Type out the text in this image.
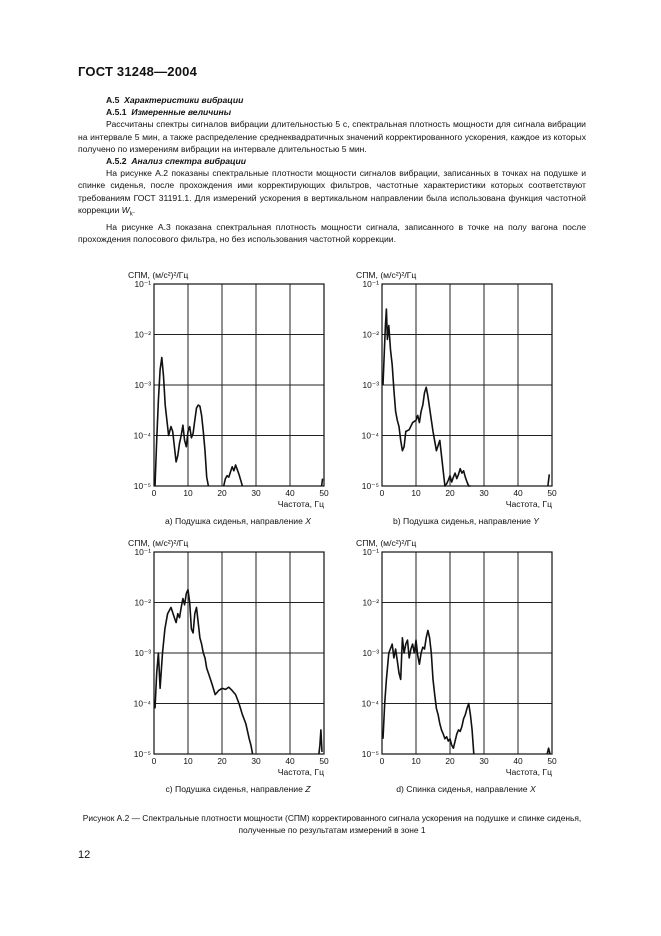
ГОСТ 31248—2004
А.5 Характеристики вибрации
А.5.1 Измеренные величины

Рассчитаны спектры сигналов вибрации длительностью 5 с, спектральная плотность мощности для сигнала вибрации на интервале 5 мин, а также распределение среднеквадратичных значений корректированного ускорения, каждое из которых получено по измерениям вибрации на интервале длительностью 5 мин.

А.5.2 Анализ спектра вибрации

На рисунке А.2 показаны спектральные плотности мощности сигналов вибрации, записанных в точках на подушке и спинке сиденья, после прохождения ими корректирующих фильтров, частотные характеристики которых соответствуют требованиям ГОСТ 31191.1. Для измерений ускорения в вертикальном направлении была использована функция частотной коррекции $W_k$.

На рисунке А.3 показана спектральная плотность мощности сигнала, записанного в точке на полу вагона после прохождения полосового фильтра, но без использования частотной коррекции.

СПМ, (м/с²)²/Гц
0	10	20	30	40	50
10⁻⁵
10⁻⁴
10⁻³
10⁻²
10⁻¹
Частота, Гц
а) Подушка сиденья, направление X
СПМ, (м/с²)²/Гц
0	10	20	30	40	50
10⁻⁵
10⁻⁴
10⁻³
10⁻²
10⁻¹
Частота, Гц
b) Подушка сиденья, направление Y
СПМ, (м/с²)²/Гц
0	10	20	30	40	50
10⁻⁵
10⁻⁴
10⁻³
10⁻²
10⁻¹
Частота, Гц
с) Подушка сиденья, направление Z
СПМ, (м/с²)²/Гц
0	10	20	30	40	50
10⁻⁵
10⁻⁴
10⁻³
10⁻²
10⁻¹
Частота, Гц
d) Спинка сиденья, направление X
Рисунок А.2 — Спектральные плотности мощности (СПМ) корректированного сигнала ускорения на подушке и спинке сиденья, полученные по результатам измерений в зоне 1
12
